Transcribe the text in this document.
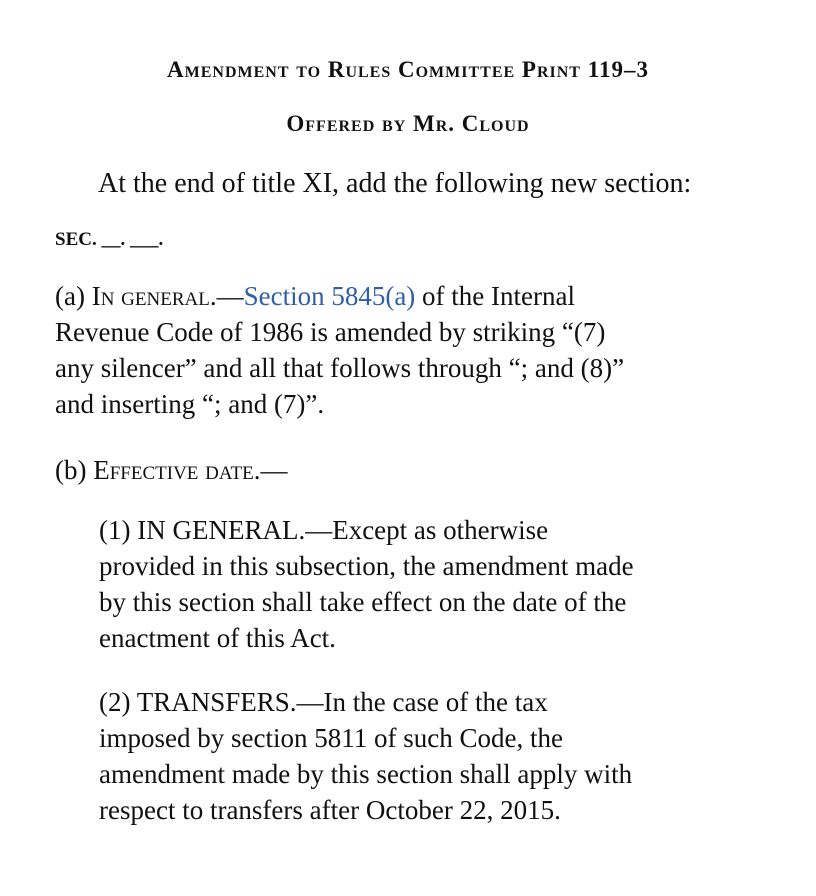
Amendment to Rules Committee Print 119–3
Offered by Mr. Cloud
At the end of title XI, add the following new section:
SEC. __. ___.
(a) In general.—Section 5845(a) of the Internal
Revenue Code of 1986 is amended by striking “(7)
any silencer” and all that follows through “; and (8)”
and inserting “; and (7)”.
(b) Effective date.—
(1) IN GENERAL.—Except as otherwise
provided in this subsection, the amendment made
by this section shall take effect on the date of the
enactment of this Act.
(2) TRANSFERS.—In the case of the tax
imposed by section 5811 of such Code, the
amendment made by this section shall apply with
respect to transfers after October 22, 2015.
